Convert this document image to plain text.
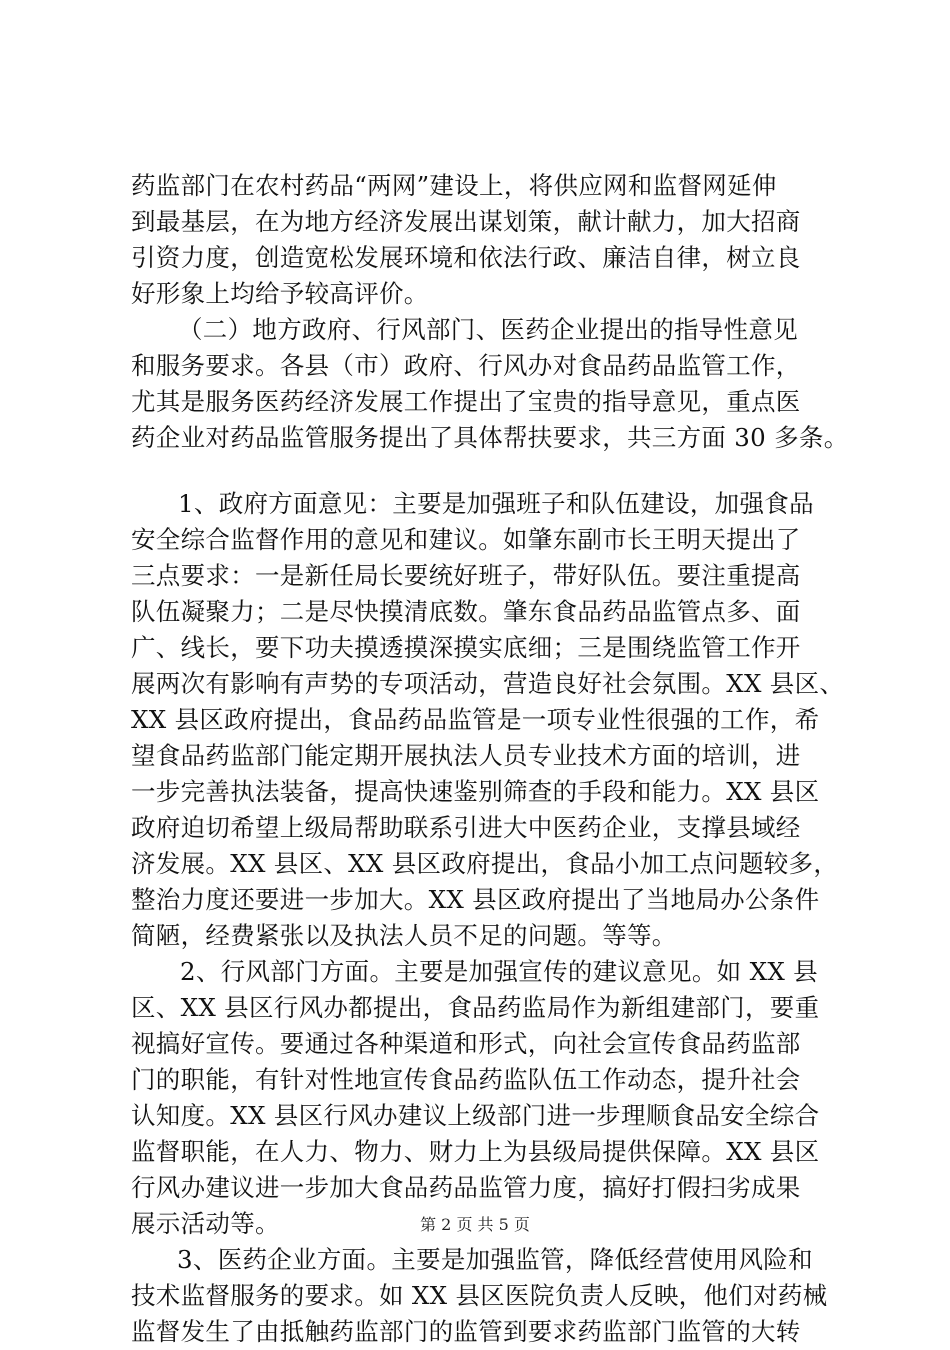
药监部门在农村药品“两网”建设上，将供应网和监督网延伸
到最基层，在为地方经济发展出谋划策，献计献力，加大招商
引资力度，创造宽松发展环境和依法行政、廉洁自律，树立良
好形象上均给予较高评价。
（二）地方政府、行风部门、医药企业提出的指导性意见
和服务要求。各县（市）政府、行风办对食品药品监管工作，
尤其是服务医药经济发展工作提出了宝贵的指导意见，重点医
药企业对药品监管服务提出了具体帮扶要求，共三方面 30 多条。
1、政府方面意见：主要是加强班子和队伍建设，加强食品
安全综合监督作用的意见和建议。如肇东副市长王明天提出了
三点要求：一是新任局长要统好班子，带好队伍。要注重提高
队伍凝聚力；二是尽快摸清底数。肇东食品药品监管点多、面
广、线长，要下功夫摸透摸深摸实底细；三是围绕监管工作开
展两次有影响有声势的专项活动，营造良好社会氛围。XX 县区、
XX 县区政府提出，食品药品监管是一项专业性很强的工作，希
望食品药监部门能定期开展执法人员专业技术方面的培训，进
一步完善执法装备，提高快速鉴别筛查的手段和能力。XX 县区
政府迫切希望上级局帮助联系引进大中医药企业，支撑县域经
济发展。XX 县区、XX 县区政府提出，食品小加工点问题较多，
整治力度还要进一步加大。XX 县区政府提出了当地局办公条件
简陋，经费紧张以及执法人员不足的问题。等等。
2、行风部门方面。主要是加强宣传的建议意见。如 XX 县
区、XX 县区行风办都提出，食品药监局作为新组建部门，要重
视搞好宣传。要通过各种渠道和形式，向社会宣传食品药监部
门的职能，有针对性地宣传食品药监队伍工作动态，提升社会
认知度。XX 县区行风办建议上级部门进一步理顺食品安全综合
监督职能，在人力、物力、财力上为县级局提供保障。XX 县区
行风办建议进一步加大食品药品监管力度，搞好打假扫劣成果
展示活动等。
3、医药企业方面。主要是加强监管，降低经营使用风险和
技术监督服务的要求。如 XX 县区医院负责人反映，他们对药械
监督发生了由抵触药监部门的监管到要求药监部门监管的大转
第 2 页 共 5 页
